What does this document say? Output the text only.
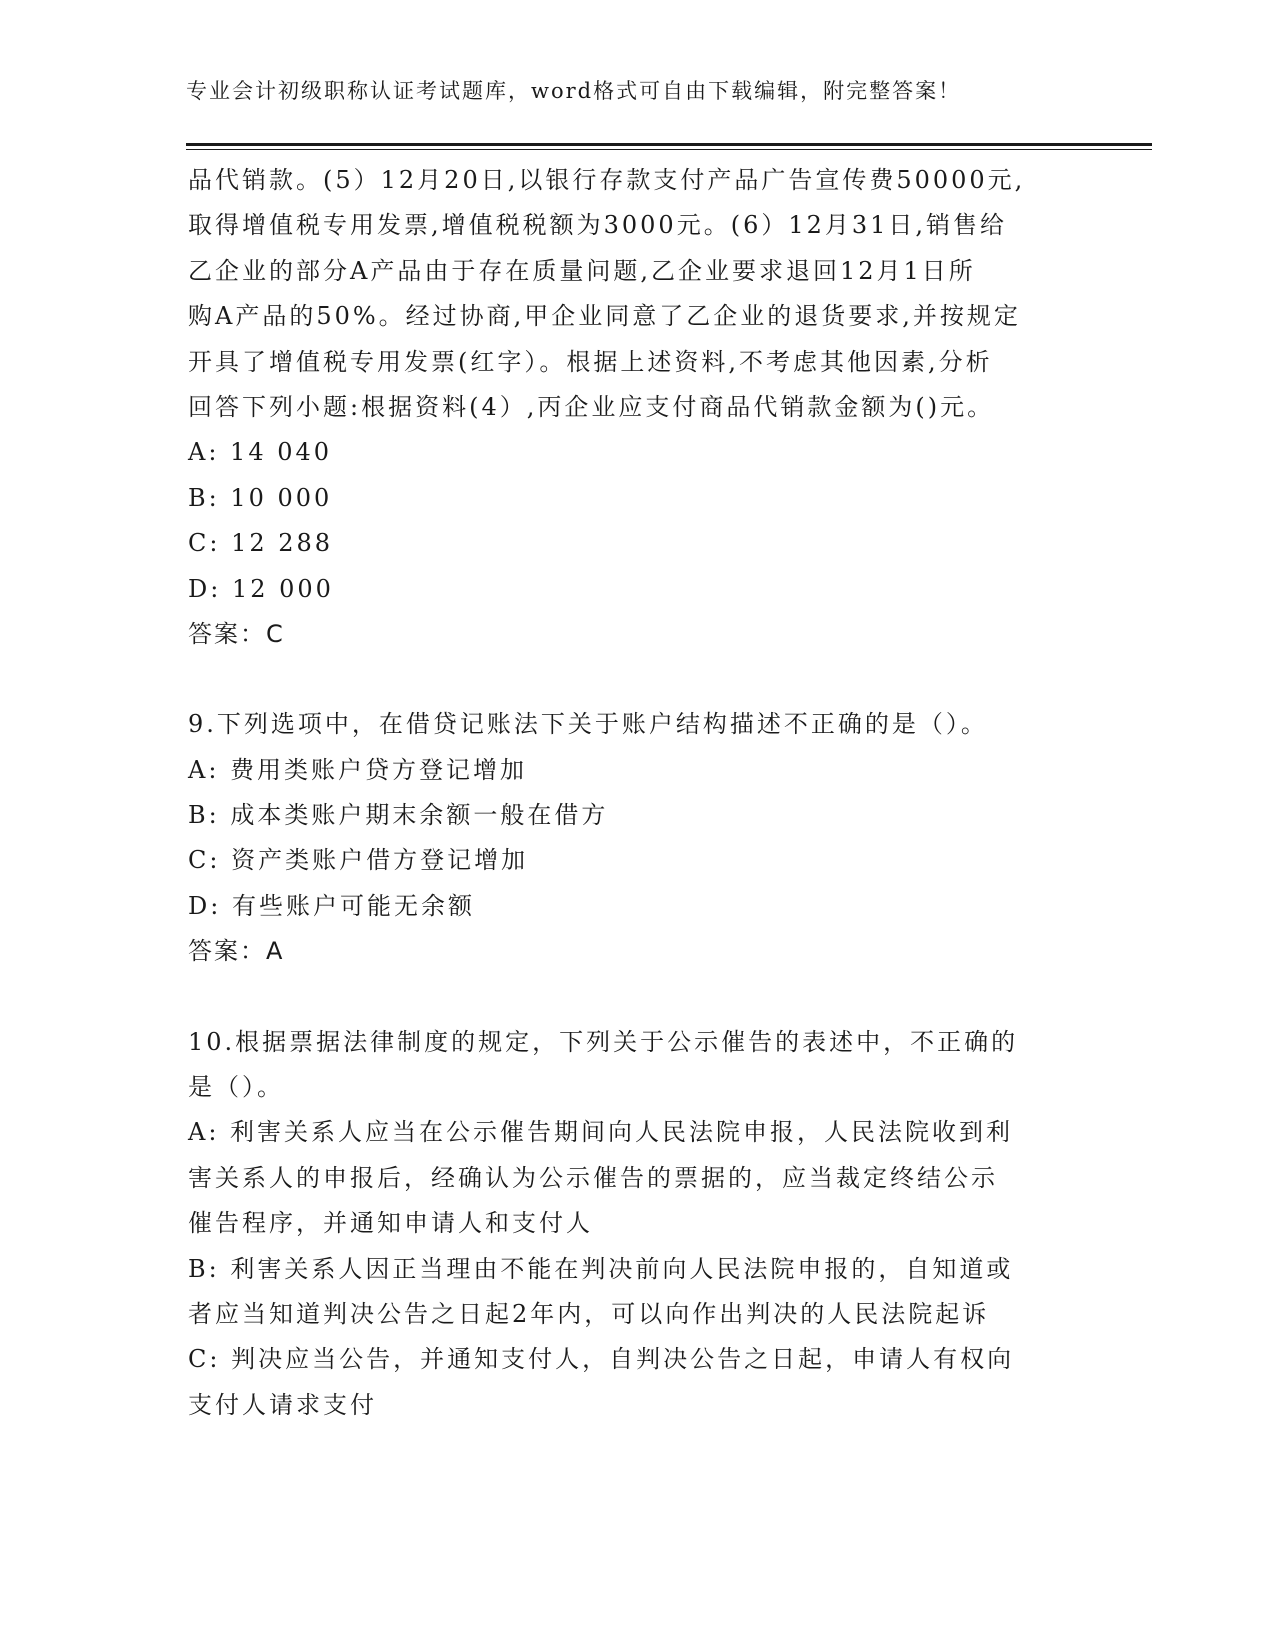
专业会计初级职称认证考试题库，word格式可自由下载编辑，附完整答案！
品代销款。(5）12月20日,以银行存款支付产品广告宣传费50000元,
取得增值税专用发票,增值税税额为3000元。(6）12月31日,销售给
乙企业的部分A产品由于存在质量问题,乙企业要求退回12月1日所
购A产品的50%。经过协商,甲企业同意了乙企业的退货要求,并按规定
开具了增值税专用发票(红字）。根据上述资料,不考虑其他因素,分析
回答下列小题:根据资料(4）,丙企业应支付商品代销款金额为()元。
A: 14 040
B: 10 000
C: 12 288
D: 12 000
答案：C
9.下列选项中，在借贷记账法下关于账户结构描述不正确的是（）。
A: 费用类账户贷方登记增加
B: 成本类账户期末余额一般在借方
C: 资产类账户借方登记增加
D: 有些账户可能无余额
答案：A
10.根据票据法律制度的规定，下列关于公示催告的表述中，不正确的
是（）。
A: 利害关系人应当在公示催告期间向人民法院申报，人民法院收到利
害关系人的申报后，经确认为公示催告的票据的，应当裁定终结公示
催告程序，并通知申请人和支付人
B: 利害关系人因正当理由不能在判决前向人民法院申报的，自知道或
者应当知道判决公告之日起2年内，可以向作出判决的人民法院起诉
C: 判决应当公告，并通知支付人，自判决公告之日起，申请人有权向
支付人请求支付
